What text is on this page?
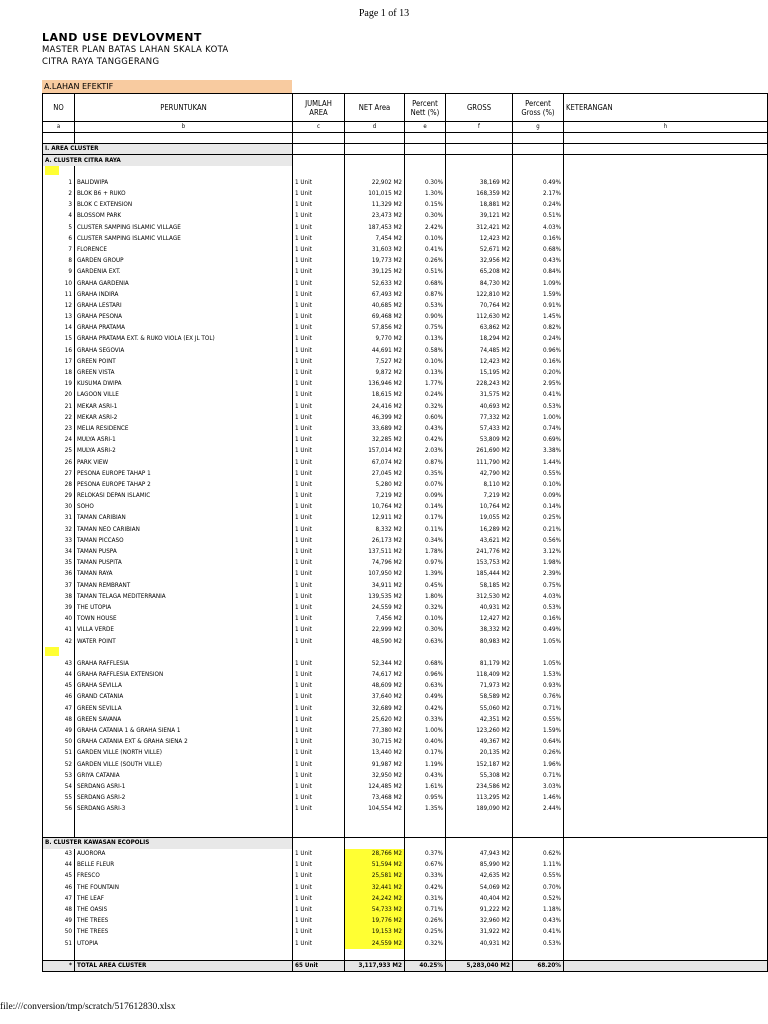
Page 1 of 13
LAND USE DEVLOVMENT
MASTER PLAN BATAS LAHAN SKALA KOTA
CITRA RAYA TANGGERANG
A.LAHAN EFEKTIF
NO	PERUNTUKAN	JUMLAH AREA	NET Area	Percent Nett (%)	GROSS	Percent Gross (%)	KETERANGAN
a	b	c	d	e	f	g	h

I. AREA CLUSTER							
A. CLUSTER CITRA RAYA							

1	BALIDWIPA	1 Unit	22,902 M2	0.30%	38,169 M2	0.49%	
2	BLOK B6 + RUKO	1 Unit	101,015 M2	1.30%	168,359 M2	2.17%	
3	BLOK C EXTENSION	1 Unit	11,329 M2	0.15%	18,881 M2	0.24%	
4	BLOSSOM PARK	1 Unit	23,473 M2	0.30%	39,121 M2	0.51%	
5	CLUSTER SAMPING ISLAMIC VILLAGE	1 Unit	187,453 M2	2.42%	312,421 M2	4.03%	
6	CLUSTER SAMPING ISLAMIC VILLAGE	1 Unit	7,454 M2	0.10%	12,423 M2	0.16%	
7	FLORENCE	1 Unit	31,603 M2	0.41%	52,671 M2	0.68%	
8	GARDEN GROUP	1 Unit	19,773 M2	0.26%	32,956 M2	0.43%	
9	GARDENIA EXT.	1 Unit	39,125 M2	0.51%	65,208 M2	0.84%	
10	GRAHA GARDENIA	1 Unit	52,633 M2	0.68%	84,730 M2	1.09%	
11	GRAHA INDIRA	1 Unit	67,493 M2	0.87%	122,810 M2	1.59%	
12	GRAHA LESTARI	1 Unit	40,685 M2	0.53%	70,764 M2	0.91%	
13	GRAHA PESONA	1 Unit	69,468 M2	0.90%	112,630 M2	1.45%	
14	GRAHA PRATAMA	1 Unit	57,856 M2	0.75%	63,862 M2	0.82%	
15	GRAHA PRATAMA EXT. & RUKO VIOLA (EX JL TOL)	1 Unit	9,770 M2	0.13%	18,294 M2	0.24%	
16	GRAHA SEGOVIA	1 Unit	44,691 M2	0.58%	74,485 M2	0.96%	
17	GREEN POINT	1 Unit	7,527 M2	0.10%	12,423 M2	0.16%	
18	GREEN VISTA	1 Unit	9,872 M2	0.13%	15,195 M2	0.20%	
19	KUSUMA DWIPA	1 Unit	136,946 M2	1.77%	228,243 M2	2.95%	
20	LAGOON VILLE	1 Unit	18,615 M2	0.24%	31,575 M2	0.41%	
21	MEKAR ASRI-1	1 Unit	24,416 M2	0.32%	40,693 M2	0.53%	
22	MEKAR ASRI-2	1 Unit	46,399 M2	0.60%	77,332 M2	1.00%	
23	MELIA RESIDENCE	1 Unit	33,689 M2	0.43%	57,433 M2	0.74%	
24	MULYA ASRI-1	1 Unit	32,285 M2	0.42%	53,809 M2	0.69%	
25	MULYA ASRI-2	1 Unit	157,014 M2	2.03%	261,690 M2	3.38%	
26	PARK VIEW	1 Unit	67,074 M2	0.87%	111,790 M2	1.44%	
27	PESONA EUROPE TAHAP 1	1 Unit	27,045 M2	0.35%	42,790 M2	0.55%	
28	PESONA EUROPE TAHAP 2	1 Unit	5,280 M2	0.07%	8,110 M2	0.10%	
29	RELOKASI DEPAN ISLAMIC	1 Unit	7,219 M2	0.09%	7,219 M2	0.09%	
30	SOHO	1 Unit	10,764 M2	0.14%	10,764 M2	0.14%	
31	TAMAN CARIBIAN	1 Unit	12,911 M2	0.17%	19,055 M2	0.25%	
32	TAMAN NEO CARIBIAN	1 Unit	8,332 M2	0.11%	16,289 M2	0.21%	
33	TAMAN PICCASO	1 Unit	26,173 M2	0.34%	43,621 M2	0.56%	
34	TAMAN PUSPA	1 Unit	137,511 M2	1.78%	241,776 M2	3.12%	
35	TAMAN PUSPITA	1 Unit	74,796 M2	0.97%	153,753 M2	1.98%	
36	TAMAN RAYA	1 Unit	107,950 M2	1.39%	185,444 M2	2.39%	
37	TAMAN REMBRANT	1 Unit	34,911 M2	0.45%	58,185 M2	0.75%	
38	TAMAN TELAGA MEDITERRANIA	1 Unit	139,535 M2	1.80%	312,530 M2	4.03%	
39	THE UTOPIA	1 Unit	24,559 M2	0.32%	40,931 M2	0.53%	
40	TOWN HOUSE	1 Unit	7,456 M2	0.10%	12,427 M2	0.16%	
41	VILLA VERDE	1 Unit	22,999 M2	0.30%	38,332 M2	0.49%	
42	WATER POINT	1 Unit	48,590 M2	0.63%	80,983 M2	1.05%	

43	GRAHA RAFFLESIA	1 Unit	52,344 M2	0.68%	81,179 M2	1.05%	
44	GRAHA RAFFLESIA EXTENSION	1 Unit	74,617 M2	0.96%	118,409 M2	1.53%	
45	GRAHA SEVILLA	1 Unit	48,609 M2	0.63%	71,973 M2	0.93%	
46	GRAND CATANIA	1 Unit	37,640 M2	0.49%	58,589 M2	0.76%	
47	GREEN SEVILLA	1 Unit	32,689 M2	0.42%	55,060 M2	0.71%	
48	GREEN SAVANA	1 Unit	25,620 M2	0.33%	42,351 M2	0.55%	
49	GRAHA CATANIA 1 & GRAHA SIENA 1	1 Unit	77,380 M2	1.00%	123,260 M2	1.59%	
50	GRAHA CATANIA EXT & GRAHA SIENA 2	1 Unit	30,715 M2	0.40%	49,367 M2	0.64%	
51	GARDEN VILLE (NORTH VILLE)	1 Unit	13,440 M2	0.17%	20,135 M2	0.26%	
52	GARDEN VILLE (SOUTH VILLE)	1 Unit	91,987 M2	1.19%	152,187 M2	1.96%	
53	GRIYA CATANIA	1 Unit	32,950 M2	0.43%	55,308 M2	0.71%	
54	SERDANG ASRI-1	1 Unit	124,485 M2	1.61%	234,586 M2	3.03%	
55	SERDANG ASRI-2	1 Unit	73,468 M2	0.95%	113,295 M2	1.46%	
56	SERDANG ASRI-3	1 Unit	104,554 M2	1.35%	189,090 M2	2.44%	

B. CLUSTER KAWASAN ECOPOLIS							
43	AUORORA	1 Unit	28,766 M2	0.37%	47,943 M2	0.62%	
44	BELLE FLEUR	1 Unit	51,594 M2	0.67%	85,990 M2	1.11%	
45	FRESCO	1 Unit	25,581 M2	0.33%	42,635 M2	0.55%	
46	THE FOUNTAIN	1 Unit	32,441 M2	0.42%	54,069 M2	0.70%	
47	THE LEAF	1 Unit	24,242 M2	0.31%	40,404 M2	0.52%	
48	THE OASIS	1 Unit	54,733 M2	0.71%	91,222 M2	1.18%	
49	THE TREES	1 Unit	19,776 M2	0.26%	32,960 M2	0.43%	
50	THE TREES	1 Unit	19,153 M2	0.25%	31,922 M2	0.41%	
51	UTOPIA	1 Unit	24,559 M2	0.32%	40,931 M2	0.53%	

*	TOTAL AREA CLUSTER	65 Unit	3,117,933 M2	40.25%	5,283,040 M2	68.20%	
file:///conversion/tmp/scratch/517612830.xlsx
